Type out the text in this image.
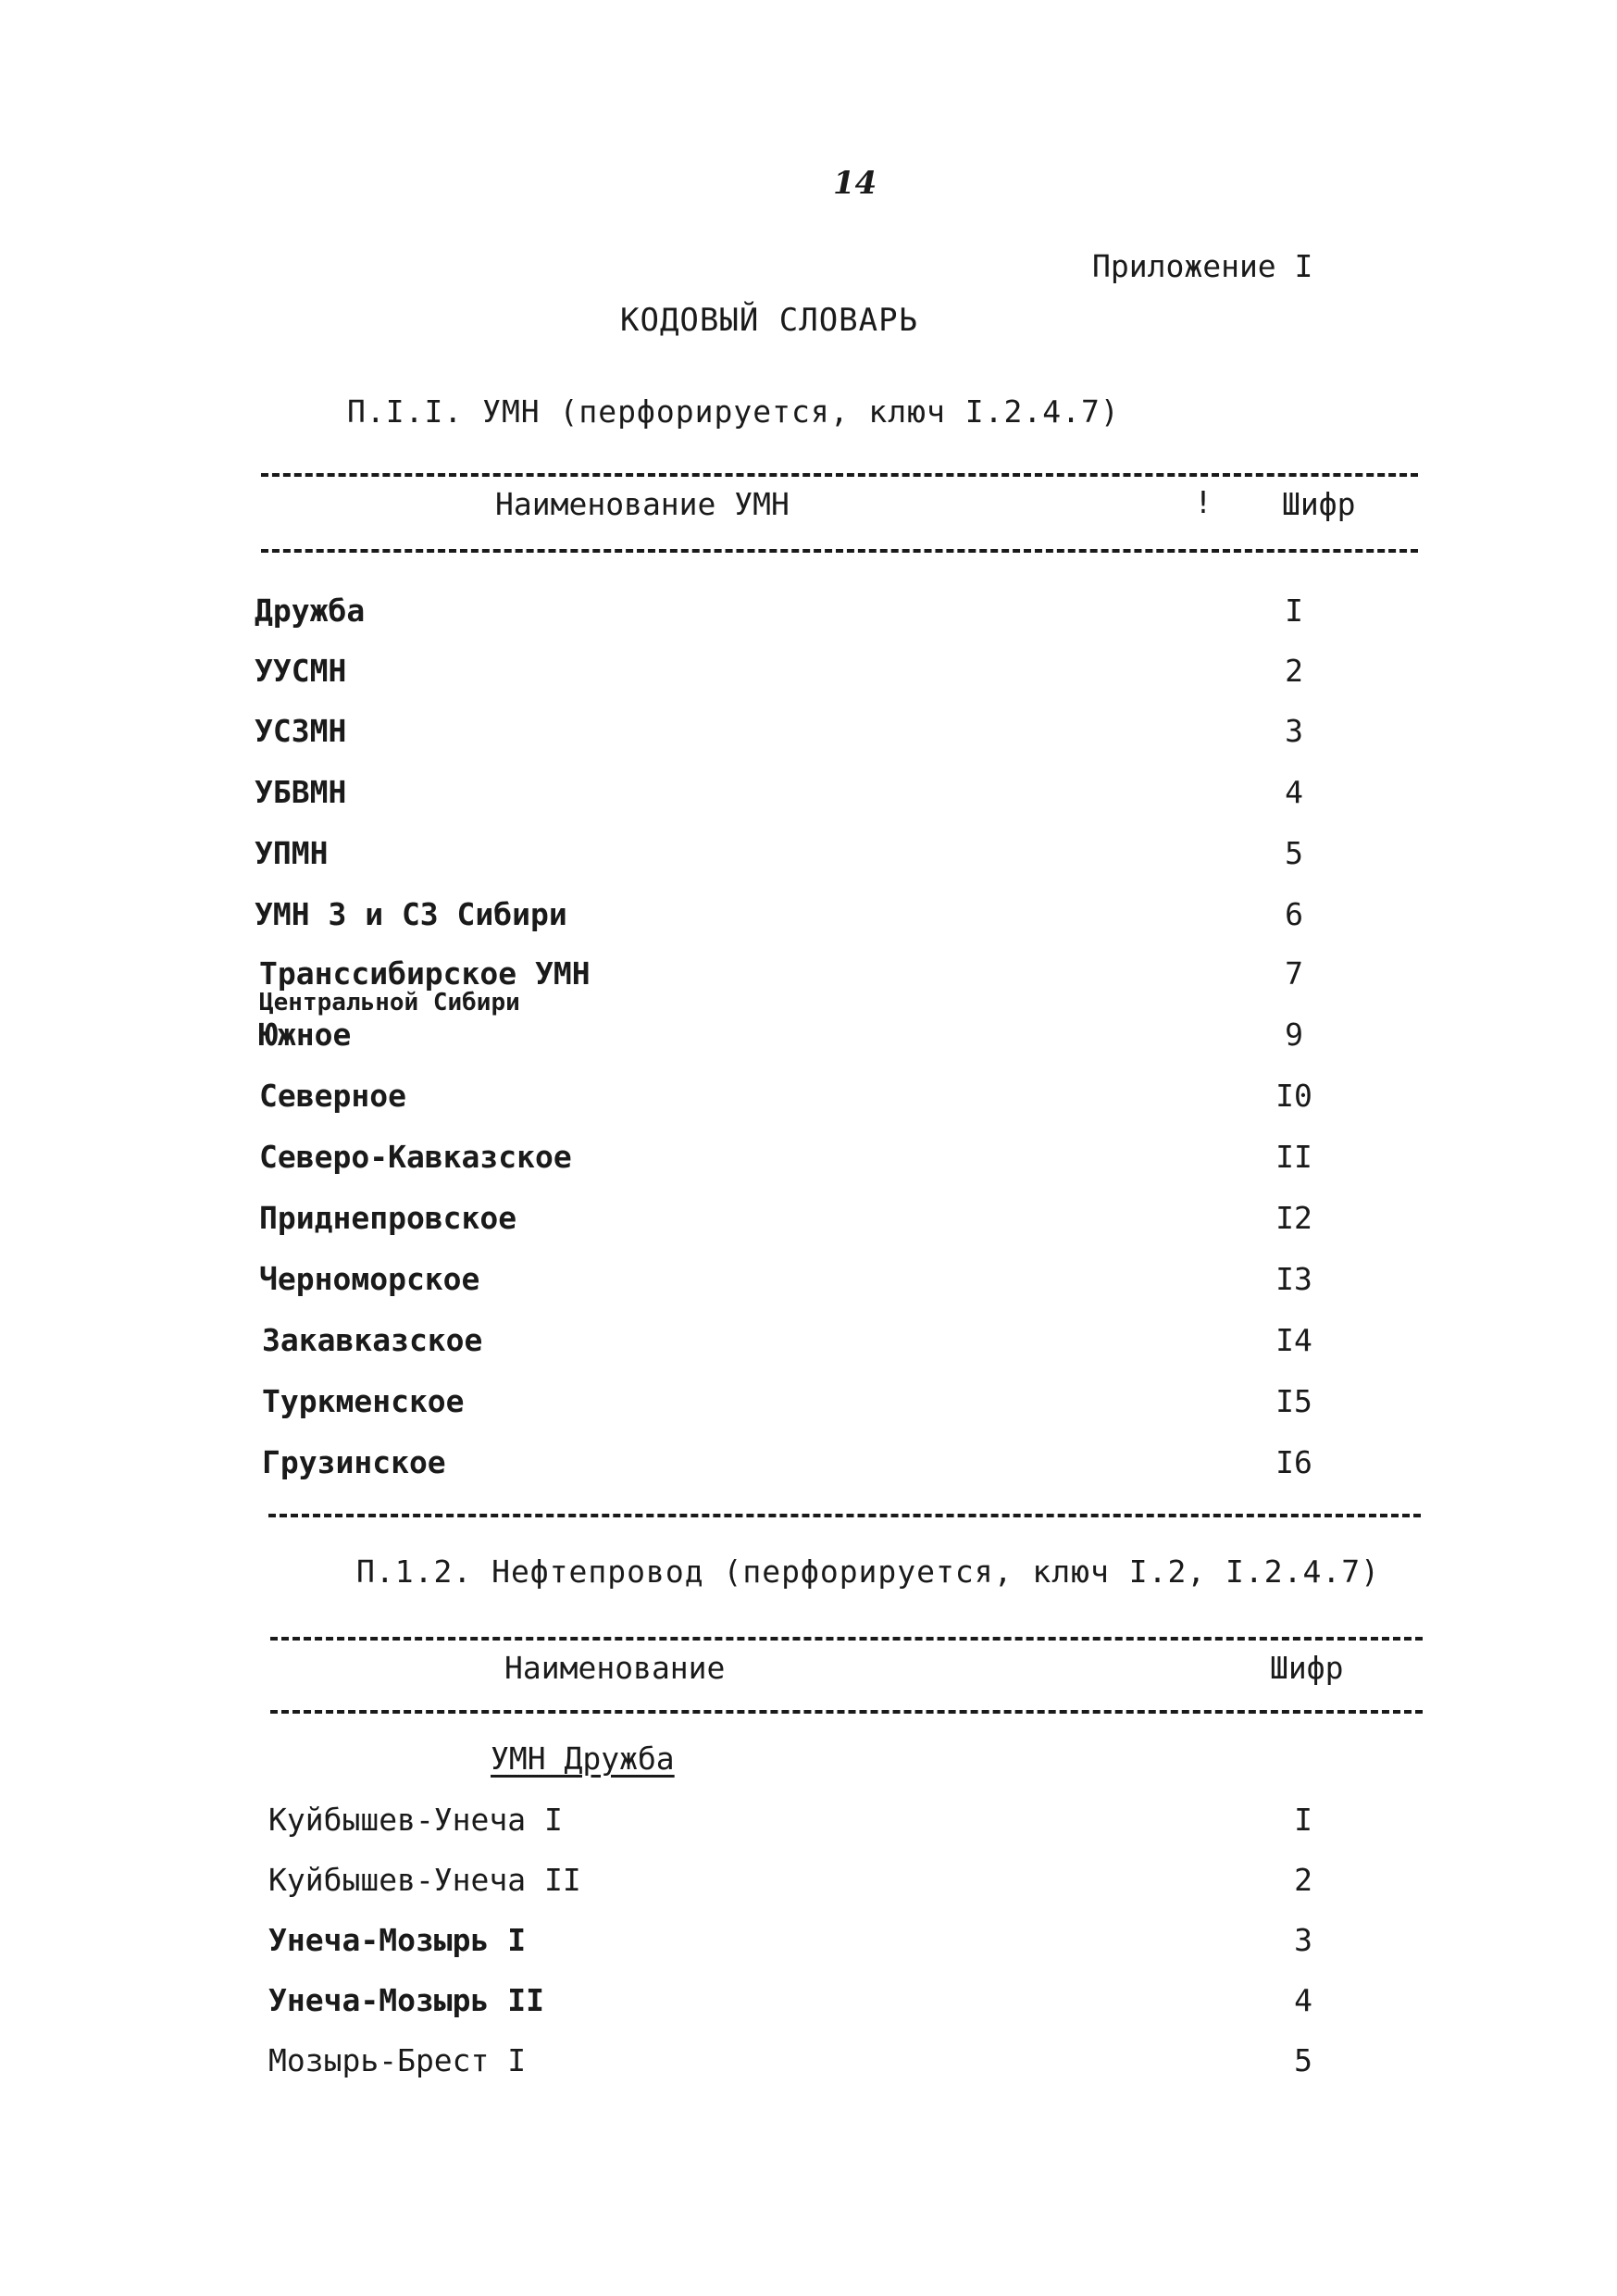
14
Приложение I
КОДОВЫЙ СЛОВАРЬ
П.I.I. УМН (перфорируется, ключ I.2.4.7)
Наименование УМН	! Шифр
Дружба	I
УУСМН	2
УСЗМН	3
УБВМН	4
УПМН	5
УМН З и СЗ Сибири	6
Транссибирское УМН	7
Центральной Сибири
Южное	9
Северное	I0
Северо-Кавказское	II
Приднепровское	I2
Черноморское	I3
Закавказское	I4
Туркменское	I5
Грузинское	I6
П.1.2. Нефтепровод (перфорируется, ключ I.2, I.2.4.7)
Наименование	Шифр
УМН Дружба
Куйбышев-Унеча I	I
Куйбышев-Унеча II	2
Унеча-Мозырь I	3
Унеча-Мозырь II	4
Мозырь-Брест I	5
